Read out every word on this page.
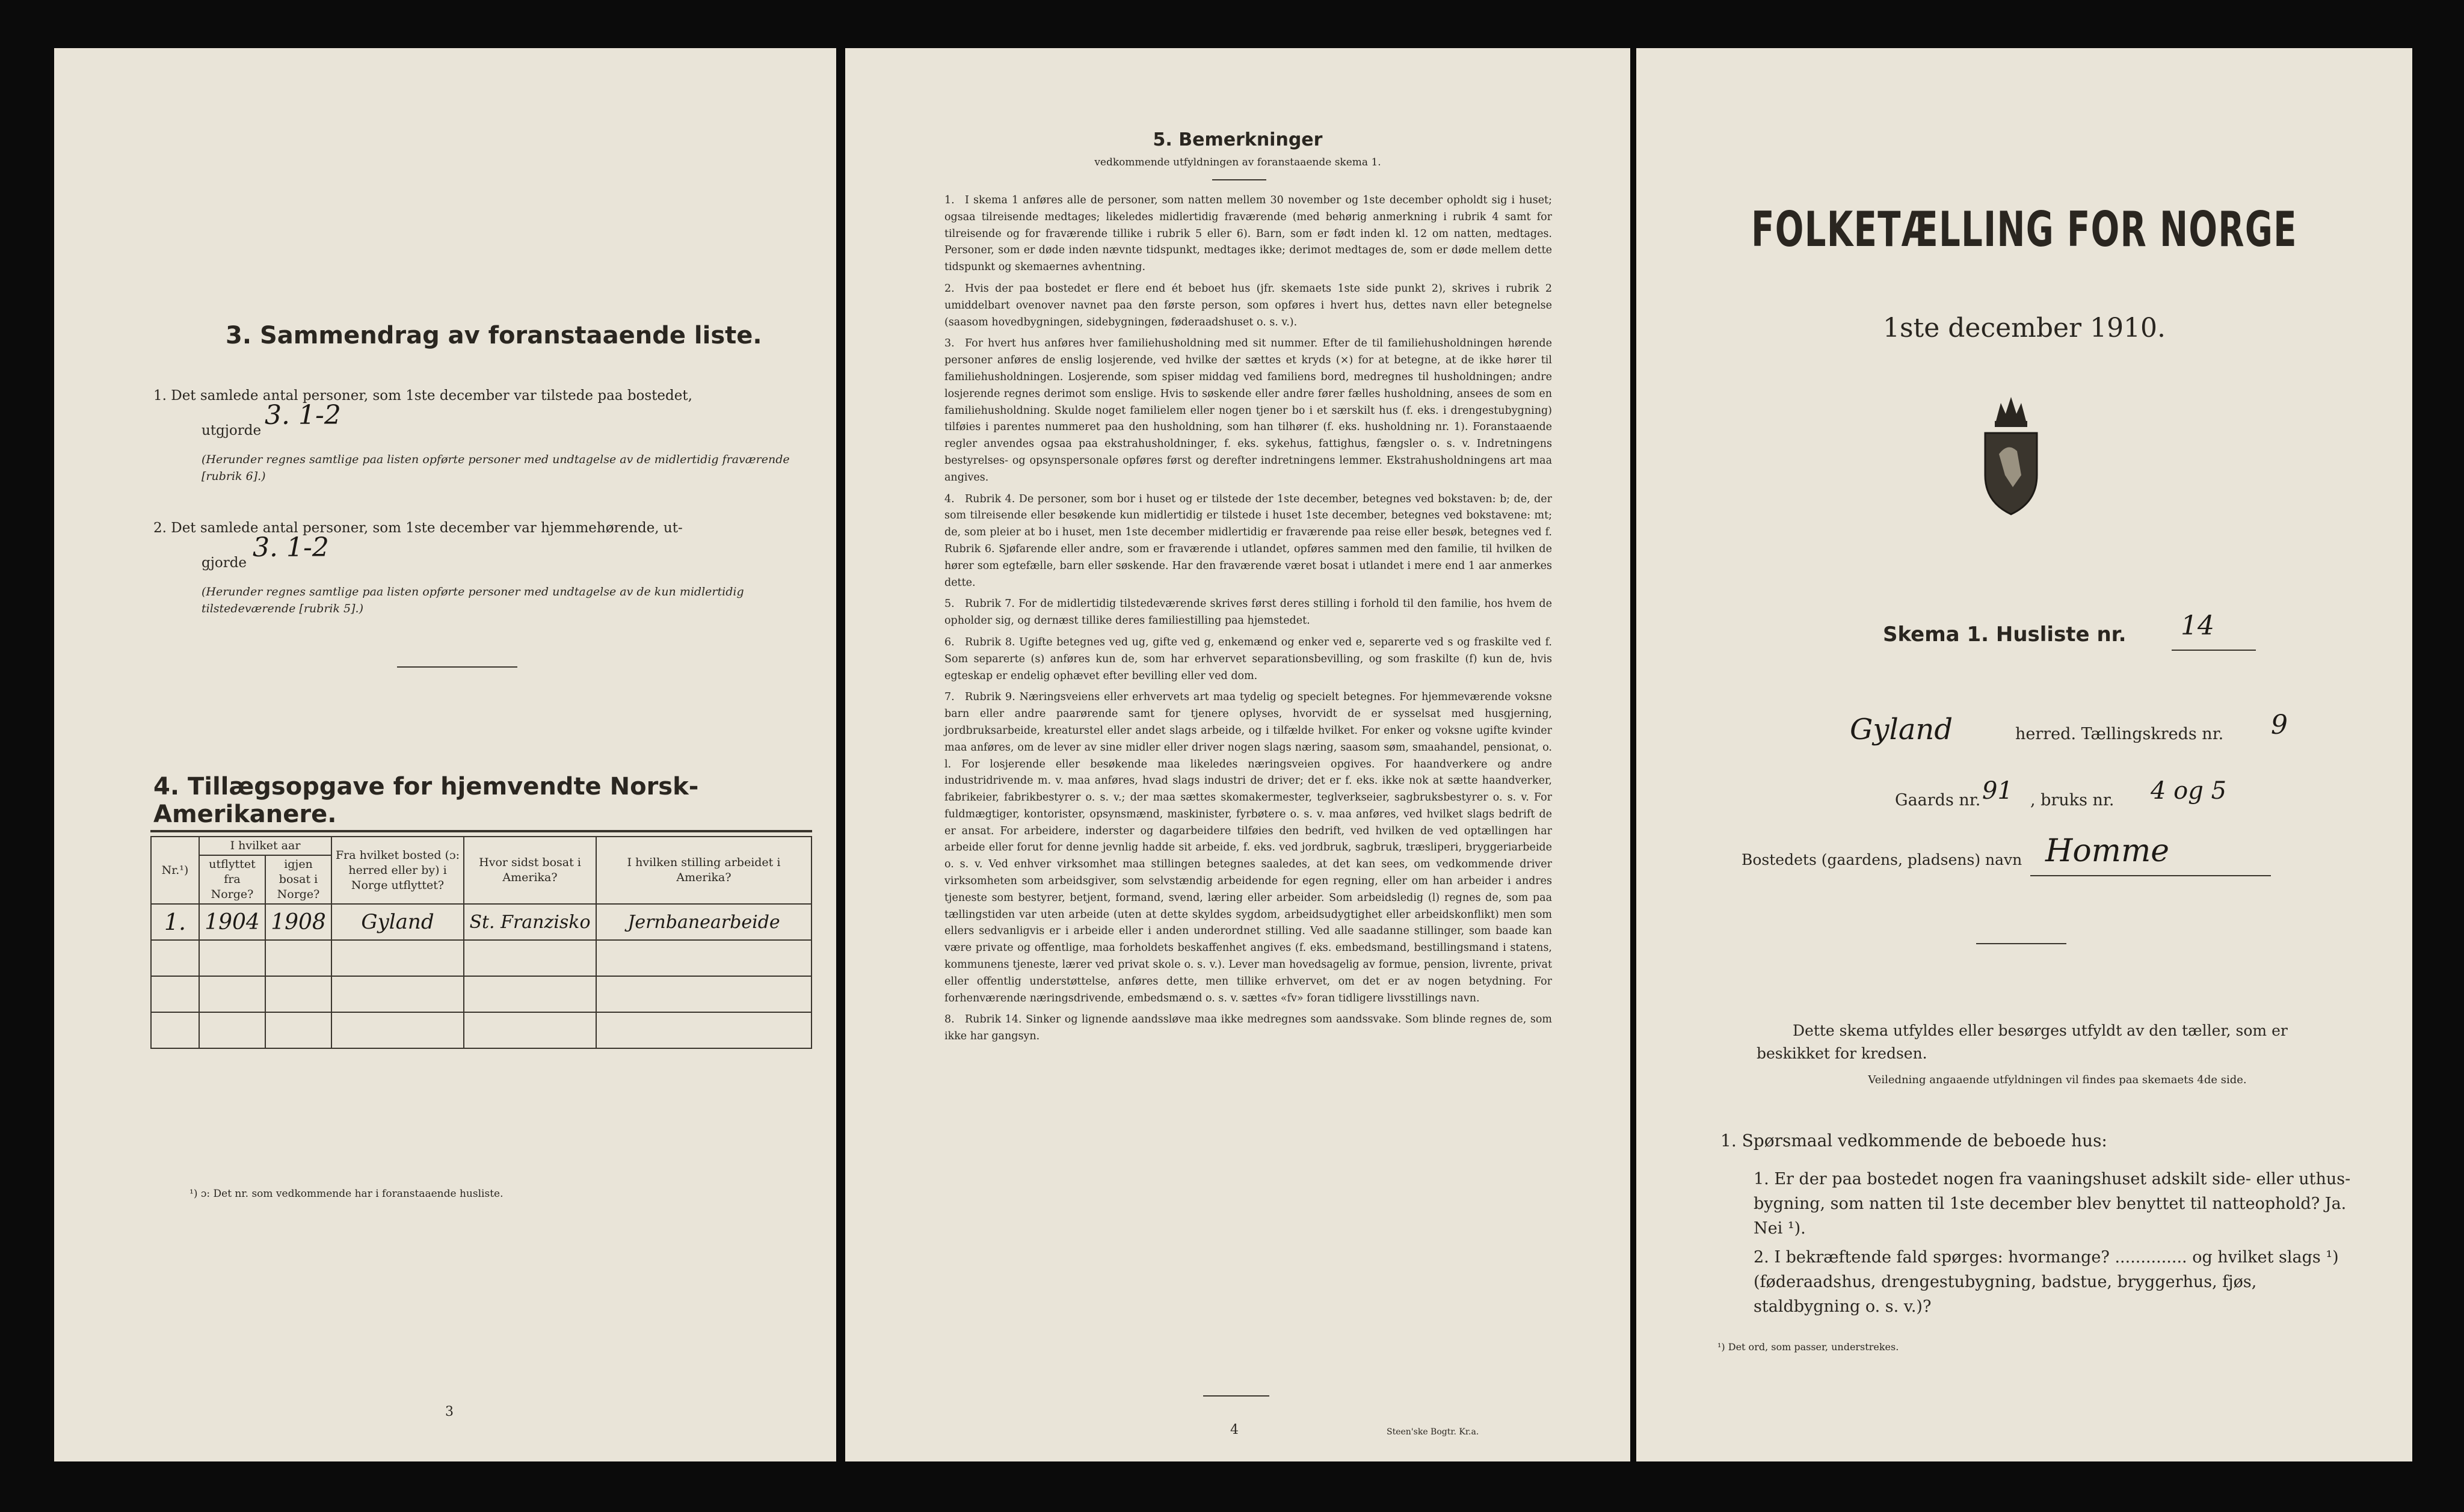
3. Sammendrag av foranstaaende liste.
1. Det samlede antal personer, som 1ste december var tilstede paa bostedet,
utgjorde 3. 1-2
(Herunder regnes samtlige paa listen opførte personer med undtagelse av de midlertidig fraværende [rubrik 6].)
2. Det samlede antal personer, som 1ste december var hjemmehørende, ut-
gjorde 3. 1-2
(Herunder regnes samtlige paa listen opførte personer med undtagelse av de kun midlertidig tilstedeværende [rubrik 5].)
4. Tillægsopgave for hjemvendte Norsk-Amerikanere.
Nr.¹)	I hvilket aar		Fra hvilket bosted (ɔ: herred eller by) i Norge utflyttet?	Hvor sidst bosat i Amerika?	I hvilken stilling arbeidet i Amerika?
	utflyttet fra Norge?	igjen bosat i Norge?			
1.	1904	1908	Gyland	St. Franzisko	Jernbanearbeide

¹) ɔ: Det nr. som vedkommende har i foranstaaende husliste.
3
5. Bemerkninger
vedkommende utfyldningen av foranstaaende skema 1.

1. I skema 1 anføres alle de personer, som natten mellem 30 november og 1ste december opholdt sig i huset; ogsaa tilreisende medtages; likeledes midlertidig fraværende (med behørig anmerkning i rubrik 4 samt for tilreisende og for fraværende tillike i rubrik 5 eller 6). Barn, som er født inden kl. 12 om natten, medtages. Personer, som er døde inden nævnte tidspunkt, medtages ikke; derimot medtages de, som er døde mellem dette tidspunkt og skemaernes avhentning.

2. Hvis der paa bostedet er flere end ét beboet hus (jfr. skemaets 1ste side punkt 2), skrives i rubrik 2 umiddelbart ovenover navnet paa den første person, som opføres i hvert hus, dettes navn eller betegnelse (saasom hovedbygningen, sidebygningen, føderaadshuset o. s. v.).

3. For hvert hus anføres hver familiehusholdning med sit nummer. Efter de til familiehusholdningen hørende personer anføres de enslig losjerende, ved hvilke der sættes et kryds (×) for at betegne, at de ikke hører til familiehusholdningen. Losjerende, som spiser middag ved familiens bord, medregnes til husholdningen; andre losjerende regnes derimot som enslige. Hvis to søskende eller andre fører fælles husholdning, ansees de som en familiehusholdning. Skulde noget familielem eller nogen tjener bo i et særskilt hus (f. eks. i drengestubygning) tilføies i parentes nummeret paa den husholdning, som han tilhører (f. eks. husholdning nr. 1). Foranstaaende regler anvendes ogsaa paa ekstrahusholdninger, f. eks. sykehus, fattighus, fængsler o. s. v. Indretningens bestyrelses- og opsynspersonale opføres først og derefter indretningens lemmer. Ekstrahusholdningens art maa angives.

4. Rubrik 4. De personer, som bor i huset og er tilstede der 1ste december, betegnes ved bokstaven: b; de, der som tilreisende eller besøkende kun midlertidig er tilstede i huset 1ste december, betegnes ved bokstavene: mt; de, som pleier at bo i huset, men 1ste december midlertidig er fraværende paa reise eller besøk, betegnes ved f. Rubrik 6. Sjøfarende eller andre, som er fraværende i utlandet, opføres sammen med den familie, til hvilken de hører som egtefælle, barn eller søskende. Har den fraværende været bosat i utlandet i mere end 1 aar anmerkes dette.

5. Rubrik 7. For de midlertidig tilstedeværende skrives først deres stilling i forhold til den familie, hos hvem de opholder sig, og dernæst tillike deres familiestilling paa hjemstedet.

6. Rubrik 8. Ugifte betegnes ved ug, gifte ved g, enkemænd og enker ved e, separerte ved s og fraskilte ved f. Som separerte (s) anføres kun de, som har erhvervet separationsbevilling, og som fraskilte (f) kun de, hvis egteskap er endelig ophævet efter bevilling eller ved dom.

7. Rubrik 9. Næringsveiens eller erhvervets art maa tydelig og specielt betegnes. For hjemmeværende voksne barn eller andre paarørende samt for tjenere oplyses, hvorvidt de er sysselsat med husgjerning, jordbruksarbeide, kreaturstel eller andet slags arbeide, og i tilfælde hvilket. For enker og voksne ugifte kvinder maa anføres, om de lever av sine midler eller driver nogen slags næring, saasom søm, smaahandel, pensionat, o. l. For losjerende eller besøkende maa likeledes næringsveien opgives. For haandverkere og andre industridrivende m. v. maa anføres, hvad slags industri de driver; det er f. eks. ikke nok at sætte haandverker, fabrikeier, fabrikbestyrer o. s. v.; der maa sættes skomakermester, teglverkseier, sagbruksbestyrer o. s. v. For fuldmægtiger, kontorister, opsynsmænd, maskinister, fyrbøtere o. s. v. maa anføres, ved hvilket slags bedrift de er ansat. For arbeidere, inderster og dagarbeidere tilføies den bedrift, ved hvilken de ved optællingen har arbeide eller forut for denne jevnlig hadde sit arbeide, f. eks. ved jordbruk, sagbruk, træsliperi, bryggeriarbeide o. s. v. Ved enhver virksomhet maa stillingen betegnes saaledes, at det kan sees, om vedkommende driver virksomheten som arbeidsgiver, som selvstændig arbeidende for egen regning, eller om han arbeider i andres tjeneste som bestyrer, betjent, formand, svend, læring eller arbeider. Som arbeidsledig (l) regnes de, som paa tællingstiden var uten arbeide (uten at dette skyldes sygdom, arbeidsudygtighet eller arbeidskonflikt) men som ellers sedvanligvis er i arbeide eller i anden underordnet stilling. Ved alle saadanne stillinger, som baade kan være private og offentlige, maa forholdets beskaffenhet angives (f. eks. embedsmand, bestillingsmand i statens, kommunens tjeneste, lærer ved privat skole o. s. v.). Lever man hovedsagelig av formue, pension, livrente, privat eller offentlig understøttelse, anføres dette, men tillike erhvervet, om det er av nogen betydning. For forhenværende næringsdrivende, embedsmænd o. s. v. sættes «fv» foran tidligere livsstillings navn.

8. Rubrik 14. Sinker og lignende aandssløve maa ikke medregnes som aandssvake. Som blinde regnes de, som ikke har gangsyn.

4	Steen'ske Bogtr. Kr.a.
FOLKETÆLLING FOR NORGE
1ste december 1910.
Skema 1. Husliste nr. 14
Gyland	herred. Tællingskreds nr. 9
Gaards nr. 91	, bruks nr. 4 og 5
Bostedets (gaardens, pladsens) navn Homme
Dette skema utfyldes eller besørges utfyldt av den tæller, som er beskikket for kredsen.
Veiledning angaaende utfyldningen vil findes paa skemaets 4de side.
1. Spørsmaal vedkommende de beboede hus:
1. Er der paa bostedet nogen fra vaaningshuset adskilt side- eller uthus-bygning, som natten til 1ste december blev benyttet til natteophold? Ja. Nei ¹).
2. I bekræftende fald spørges: hvormange? .............. og hvilket slags ¹) (føderaadshus, drengestubygning, badstue, bryggerhus, fjøs, staldbygning o. s. v.)?
¹) Det ord, som passer, understrekes.
